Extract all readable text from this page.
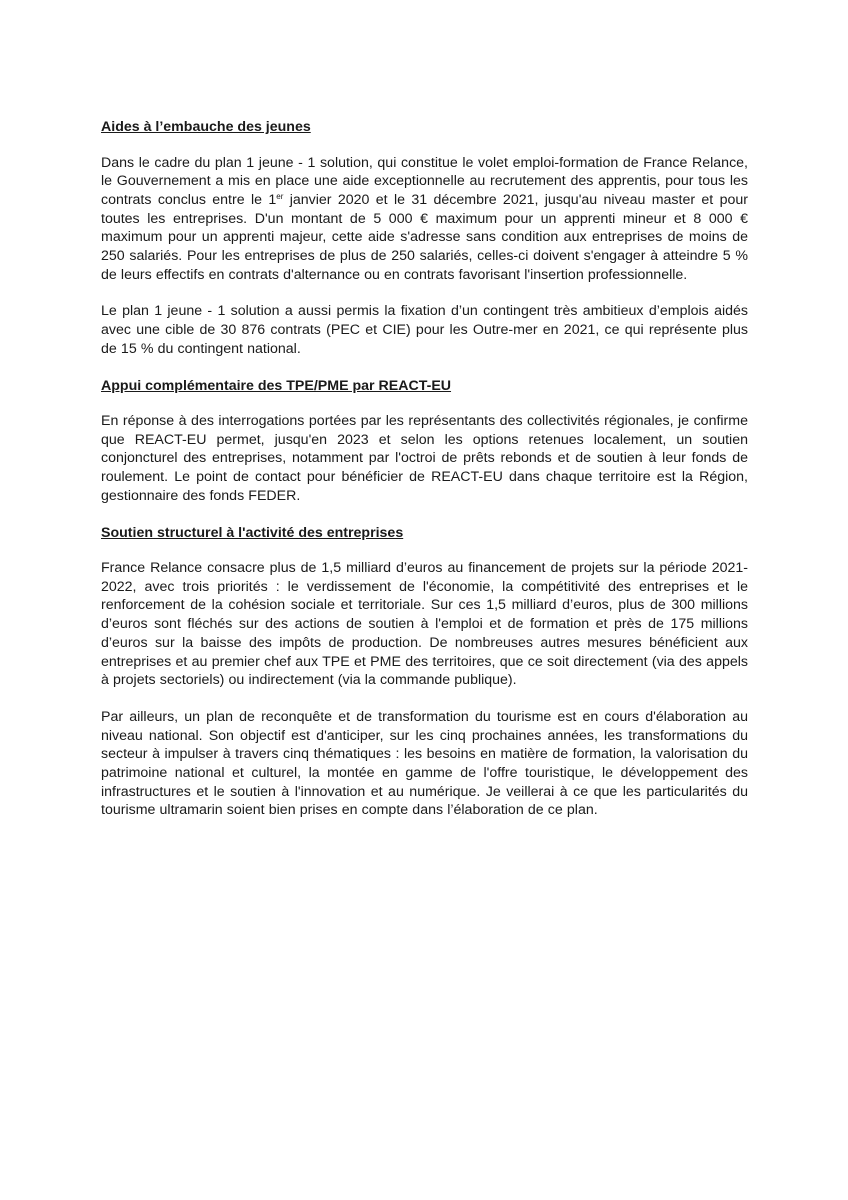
Aides à l’embauche des jeunes
Dans le cadre du plan 1 jeune - 1 solution, qui constitue le volet emploi-formation de France Relance, le Gouvernement a mis en place une aide exceptionnelle au recrutement des apprentis, pour tous les contrats conclus entre le 1er janvier 2020 et le 31 décembre 2021, jusqu'au niveau master et pour toutes les entreprises. D'un montant de 5 000 € maximum pour un apprenti mineur et 8 000 € maximum pour un apprenti majeur, cette aide s'adresse sans condition aux entreprises de moins de 250 salariés. Pour les entreprises de plus de 250 salariés, celles-ci doivent s'engager à atteindre 5 % de leurs effectifs en contrats d'alternance ou en contrats favorisant l'insertion professionnelle.
Le plan 1 jeune - 1 solution a aussi permis la fixation d’un contingent très ambitieux d’emplois aidés avec une cible de 30 876 contrats (PEC et CIE) pour les Outre-mer en 2021, ce qui représente plus de 15 % du contingent national.
Appui complémentaire des TPE/PME par REACT-EU
En réponse à des interrogations portées par les représentants des collectivités régionales, je confirme que REACT-EU permet, jusqu'en 2023 et selon les options retenues localement, un soutien conjoncturel des entreprises, notamment par l'octroi de prêts rebonds et de soutien à leur fonds de roulement. Le point de contact pour bénéficier de REACT-EU dans chaque territoire est la Région, gestionnaire des fonds FEDER.
Soutien structurel à l'activité des entreprises
France Relance consacre plus de 1,5 milliard d’euros au financement de projets sur la période 2021-2022, avec trois priorités : le verdissement de l'économie, la compétitivité des entreprises et le renforcement de la cohésion sociale et territoriale. Sur ces 1,5 milliard d’euros, plus de 300 millions d’euros sont fléchés sur des actions de soutien à l'emploi et de formation et près de 175 millions d’euros sur la baisse des impôts de production. De nombreuses autres mesures bénéficient aux entreprises et au premier chef aux TPE et PME des territoires, que ce soit directement (via des appels à projets sectoriels) ou indirectement (via la commande publique).
Par ailleurs, un plan de reconquête et de transformation du tourisme est en cours d'élaboration au niveau national. Son objectif est d'anticiper, sur les cinq prochaines années, les transformations du secteur à impulser à travers cinq thématiques : les besoins en matière de formation, la valorisation du patrimoine national et culturel, la montée en gamme de l'offre touristique, le développement des infrastructures et le soutien à l'innovation et au numérique. Je veillerai à ce que les particularités du tourisme ultramarin soient bien prises en compte dans l’élaboration de ce plan.
